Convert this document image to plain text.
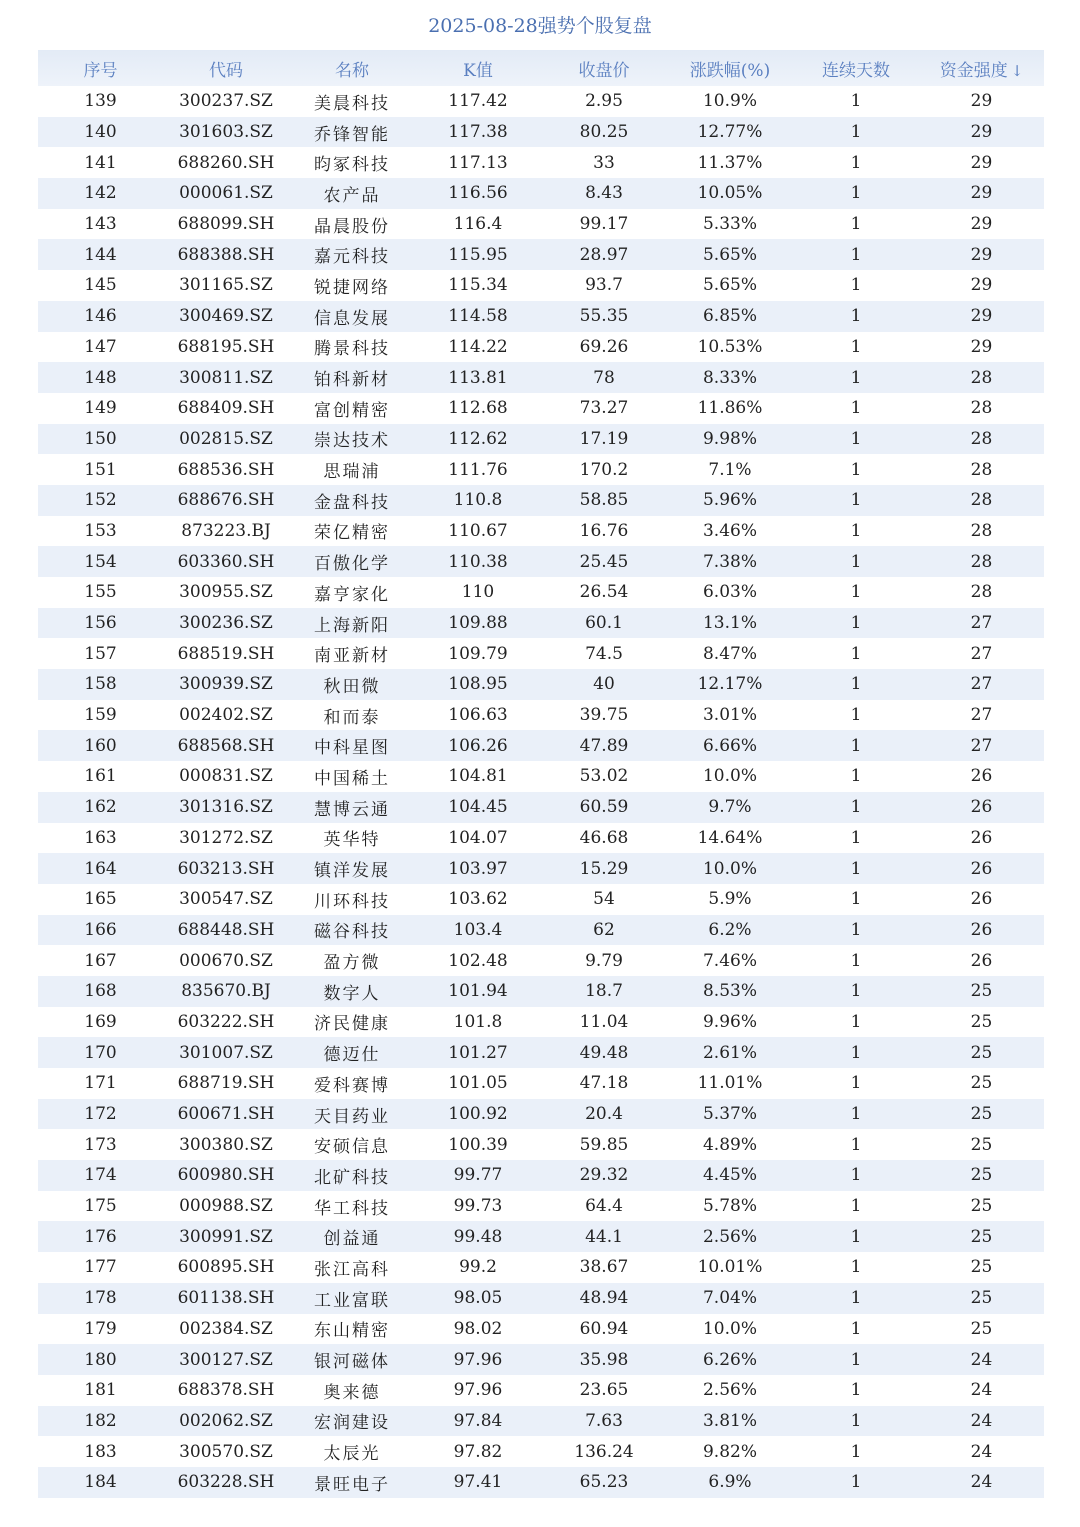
2025-08-28强势个股复盘
序号	代码	名称	K值	收盘价	涨跌幅(%)	连续天数	资金强度 ↓
139	300237.SZ	美晨科技	117.42	2.95	10.9%	1	29
140	301603.SZ	乔锋智能	117.38	80.25	12.77%	1	29
141	688260.SH	昀冢科技	117.13	33	11.37%	1	29
142	000061.SZ	农产品	116.56	8.43	10.05%	1	29
143	688099.SH	晶晨股份	116.4	99.17	5.33%	1	29
144	688388.SH	嘉元科技	115.95	28.97	5.65%	1	29
145	301165.SZ	锐捷网络	115.34	93.7	5.65%	1	29
146	300469.SZ	信息发展	114.58	55.35	6.85%	1	29
147	688195.SH	腾景科技	114.22	69.26	10.53%	1	29
148	300811.SZ	铂科新材	113.81	78	8.33%	1	28
149	688409.SH	富创精密	112.68	73.27	11.86%	1	28
150	002815.SZ	崇达技术	112.62	17.19	9.98%	1	28
151	688536.SH	思瑞浦	111.76	170.2	7.1%	1	28
152	688676.SH	金盘科技	110.8	58.85	5.96%	1	28
153	873223.BJ	荣亿精密	110.67	16.76	3.46%	1	28
154	603360.SH	百傲化学	110.38	25.45	7.38%	1	28
155	300955.SZ	嘉亨家化	110	26.54	6.03%	1	28
156	300236.SZ	上海新阳	109.88	60.1	13.1%	1	27
157	688519.SH	南亚新材	109.79	74.5	8.47%	1	27
158	300939.SZ	秋田微	108.95	40	12.17%	1	27
159	002402.SZ	和而泰	106.63	39.75	3.01%	1	27
160	688568.SH	中科星图	106.26	47.89	6.66%	1	27
161	000831.SZ	中国稀土	104.81	53.02	10.0%	1	26
162	301316.SZ	慧博云通	104.45	60.59	9.7%	1	26
163	301272.SZ	英华特	104.07	46.68	14.64%	1	26
164	603213.SH	镇洋发展	103.97	15.29	10.0%	1	26
165	300547.SZ	川环科技	103.62	54	5.9%	1	26
166	688448.SH	磁谷科技	103.4	62	6.2%	1	26
167	000670.SZ	盈方微	102.48	9.79	7.46%	1	26
168	835670.BJ	数字人	101.94	18.7	8.53%	1	25
169	603222.SH	济民健康	101.8	11.04	9.96%	1	25
170	301007.SZ	德迈仕	101.27	49.48	2.61%	1	25
171	688719.SH	爱科赛博	101.05	47.18	11.01%	1	25
172	600671.SH	天目药业	100.92	20.4	5.37%	1	25
173	300380.SZ	安硕信息	100.39	59.85	4.89%	1	25
174	600980.SH	北矿科技	99.77	29.32	4.45%	1	25
175	000988.SZ	华工科技	99.73	64.4	5.78%	1	25
176	300991.SZ	创益通	99.48	44.1	2.56%	1	25
177	600895.SH	张江高科	99.2	38.67	10.01%	1	25
178	601138.SH	工业富联	98.05	48.94	7.04%	1	25
179	002384.SZ	东山精密	98.02	60.94	10.0%	1	25
180	300127.SZ	银河磁体	97.96	35.98	6.26%	1	24
181	688378.SH	奥来德	97.96	23.65	2.56%	1	24
182	002062.SZ	宏润建设	97.84	7.63	3.81%	1	24
183	300570.SZ	太辰光	97.82	136.24	9.82%	1	24
184	603228.SH	景旺电子	97.41	65.23	6.9%	1	24
